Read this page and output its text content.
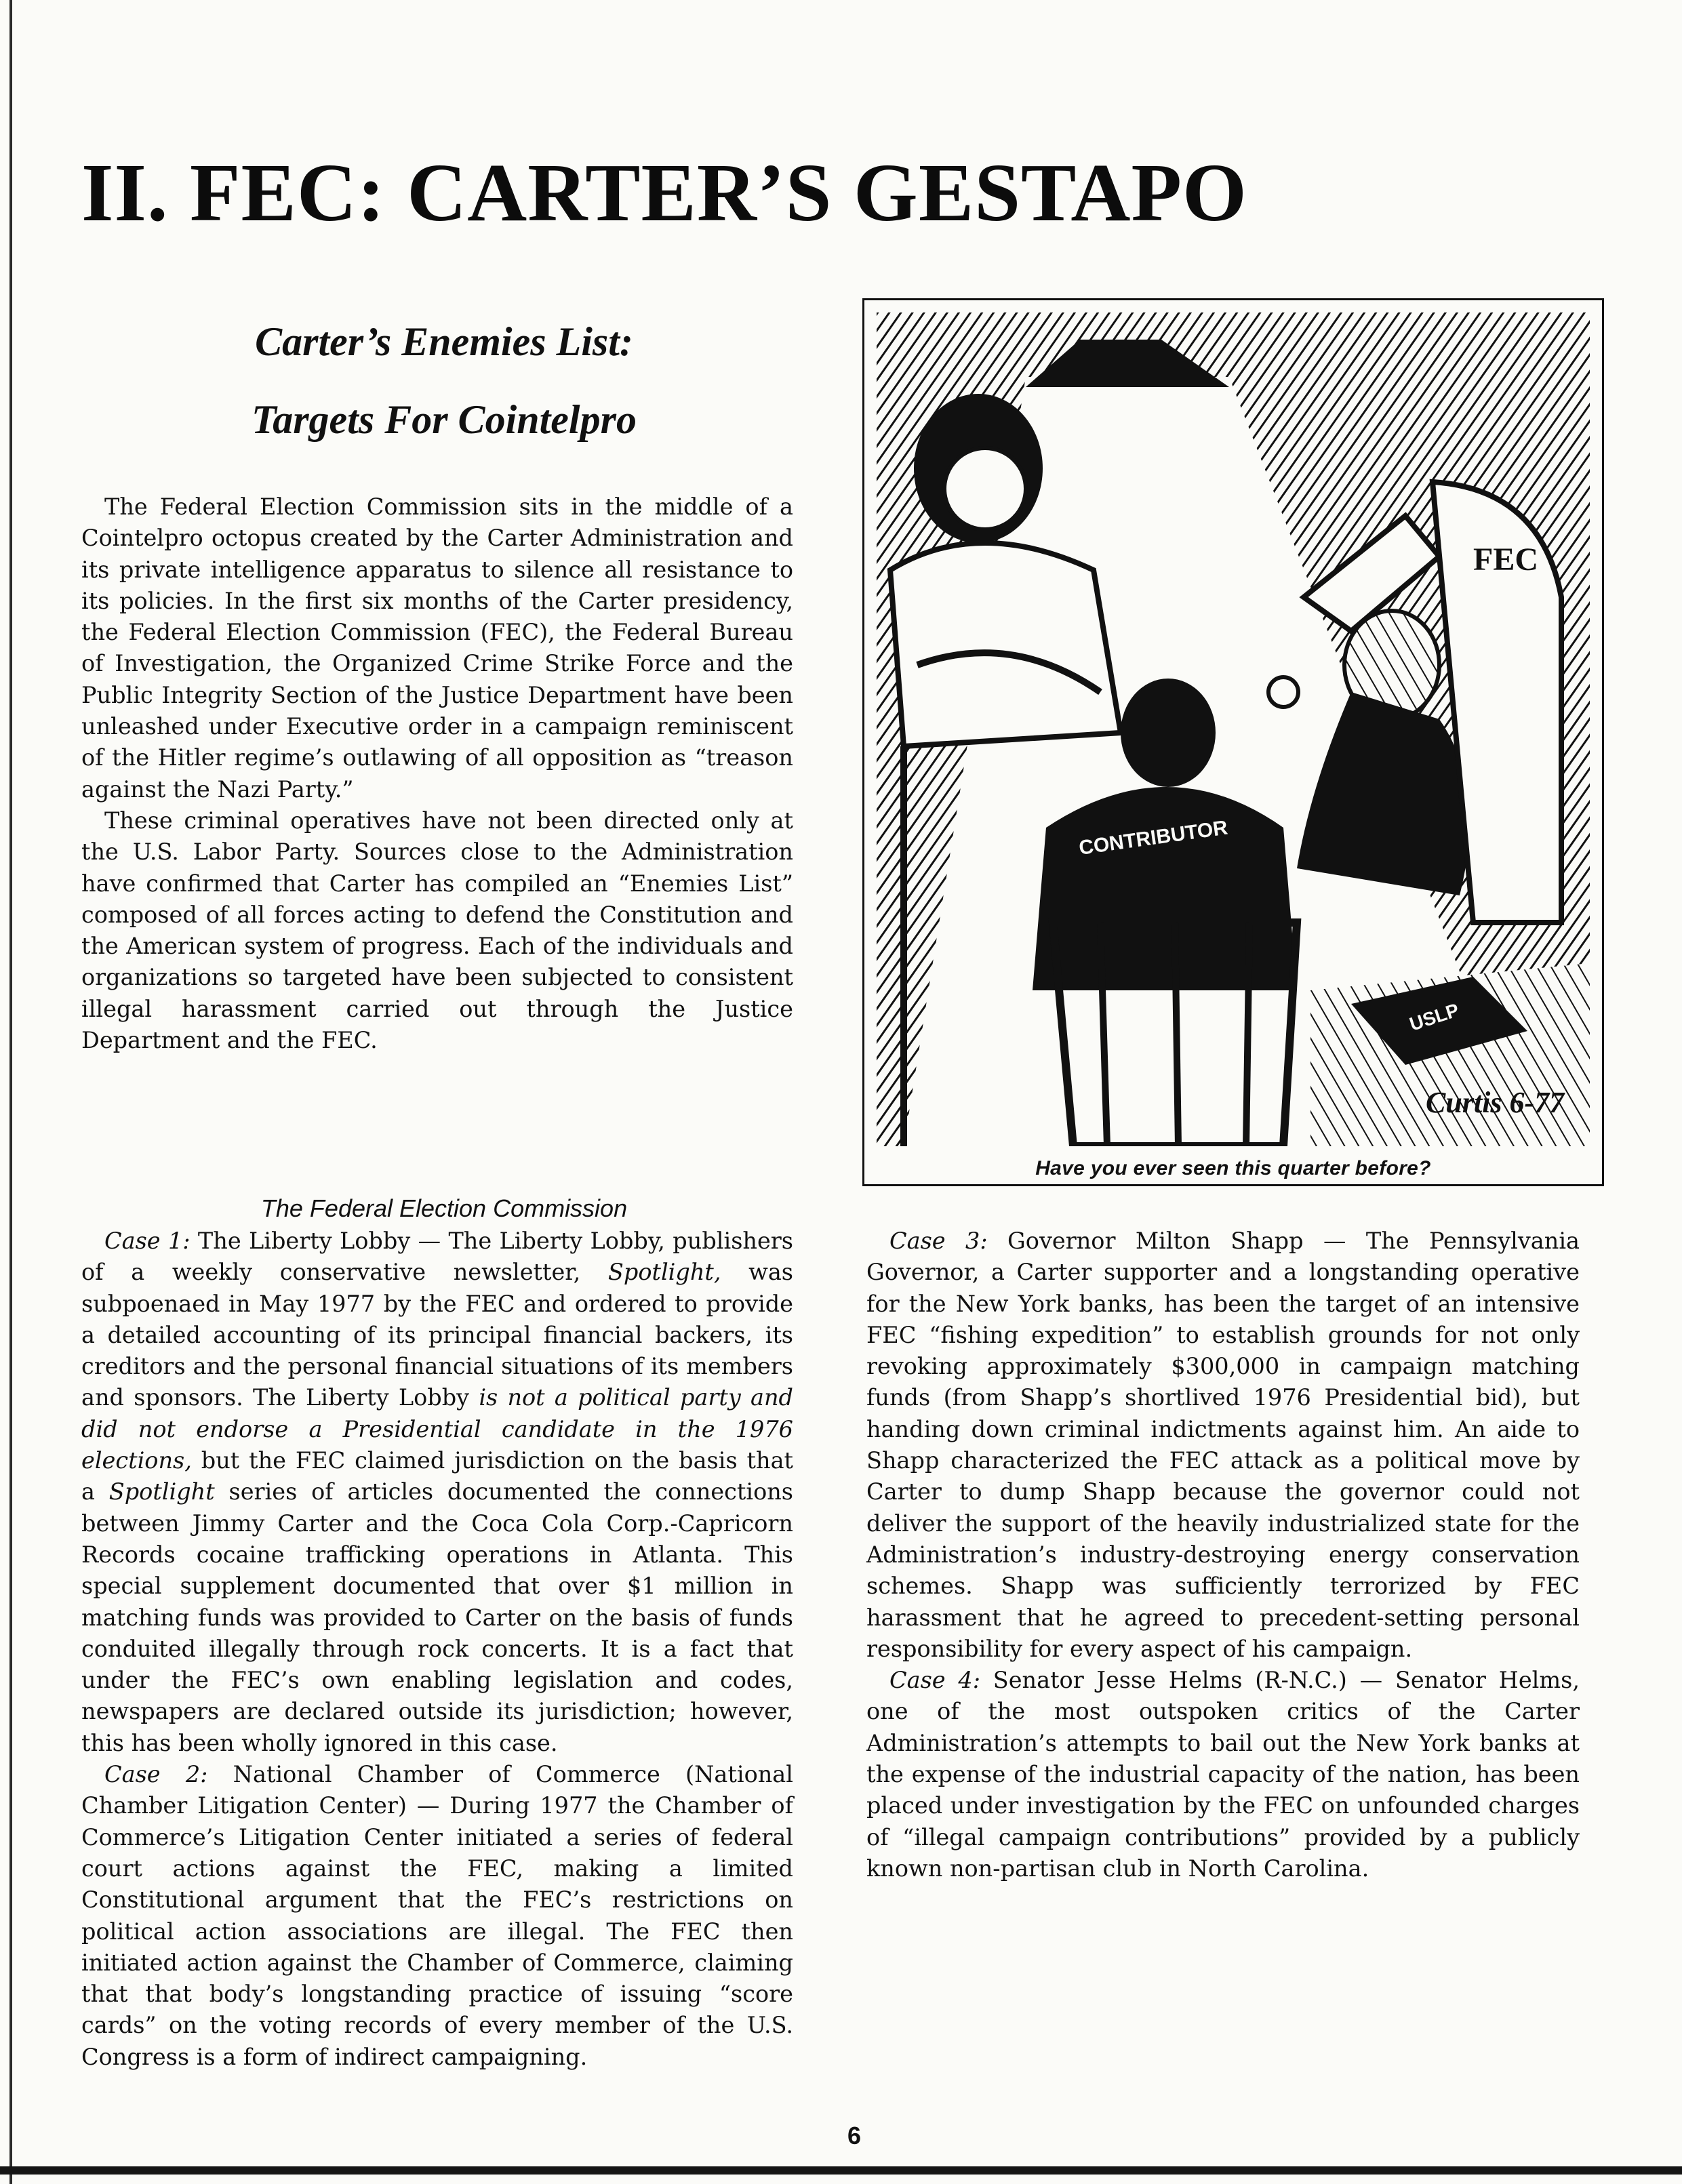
II. FEC: CARTER’S GESTAPO
Carter’s Enemies List:
Targets For Cointelpro

The Federal Election Commission sits in the middle of a Cointelpro octopus created by the Carter Administration and its private intelligence apparatus to silence all resistance to its policies. In the first six months of the Carter presidency, the Federal Election Commission (FEC), the Federal Bureau of Investigation, the Organized Crime Strike Force and the Public Integrity Section of the Justice Department have been unleashed under Executive order in a campaign reminiscent of the Hitler regime’s outlawing of all opposition as “treason against the Nazi Party.”

These criminal operatives have not been directed only at the U.S. Labor Party. Sources close to the Administration have confirmed that Carter has compiled an “Enemies List” composed of all forces acting to defend the Constitution and the American system of progress. Each of the individuals and organizations so targeted have been subjected to consistent illegal harassment carried out through the Justice Department and the FEC.

FEC
CONTRIBUTOR
USLP
Curtis 6-77
Have you ever seen this quarter before?
The Federal Election Commission

Case 1: The Liberty Lobby — The Liberty Lobby, publishers of a weekly conservative newsletter, Spotlight, was subpoenaed in May 1977 by the FEC and ordered to provide a detailed accounting of its principal financial backers, its creditors and the personal financial situations of its members and sponsors. The Liberty Lobby is not a political party and did not endorse a Presidential candidate in the 1976 elections, but the FEC claimed jurisdiction on the basis that a Spotlight series of articles documented the connections between Jimmy Carter and the Coca Cola Corp.-Capricorn Records cocaine trafficking operations in Atlanta. This special supplement documented that over $1 million in matching funds was provided to Carter on the basis of funds conduited illegally through rock concerts. It is a fact that under the FEC’s own enabling legislation and codes, newspapers are declared outside its jurisdiction; however, this has been wholly ignored in this case.

Case 2: National Chamber of Commerce (National Chamber Litigation Center) — During 1977 the Chamber of Commerce’s Litigation Center initiated a series of federal court actions against the FEC, making a limited Constitutional argument that the FEC’s restrictions on political action associations are illegal. The FEC then initiated action against the Chamber of Commerce, claiming that that body’s longstanding practice of issuing “score cards” on the voting records of every member of the U.S. Congress is a form of indirect campaigning.

Case 3: Governor Milton Shapp — The Pennsylvania Governor, a Carter supporter and a longstanding operative for the New York banks, has been the target of an intensive FEC “fishing expedition” to establish grounds for not only revoking approximately $300,000 in campaign matching funds (from Shapp’s shortlived 1976 Presidential bid), but handing down criminal indictments against him. An aide to Shapp characterized the FEC attack as a political move by Carter to dump Shapp because the governor could not deliver the support of the heavily industrialized state for the Administration’s industry-destroying energy conservation schemes. Shapp was sufficiently terrorized by FEC harassment that he agreed to precedent-setting personal responsibility for every aspect of his campaign.

Case 4: Senator Jesse Helms (R-N.C.) — Senator Helms, one of the most outspoken critics of the Carter Administration’s attempts to bail out the New York banks at the expense of the industrial capacity of the nation, has been placed under investigation by the FEC on unfounded charges of “illegal campaign contributions” provided by a publicly known non-partisan club in North Carolina.

6
